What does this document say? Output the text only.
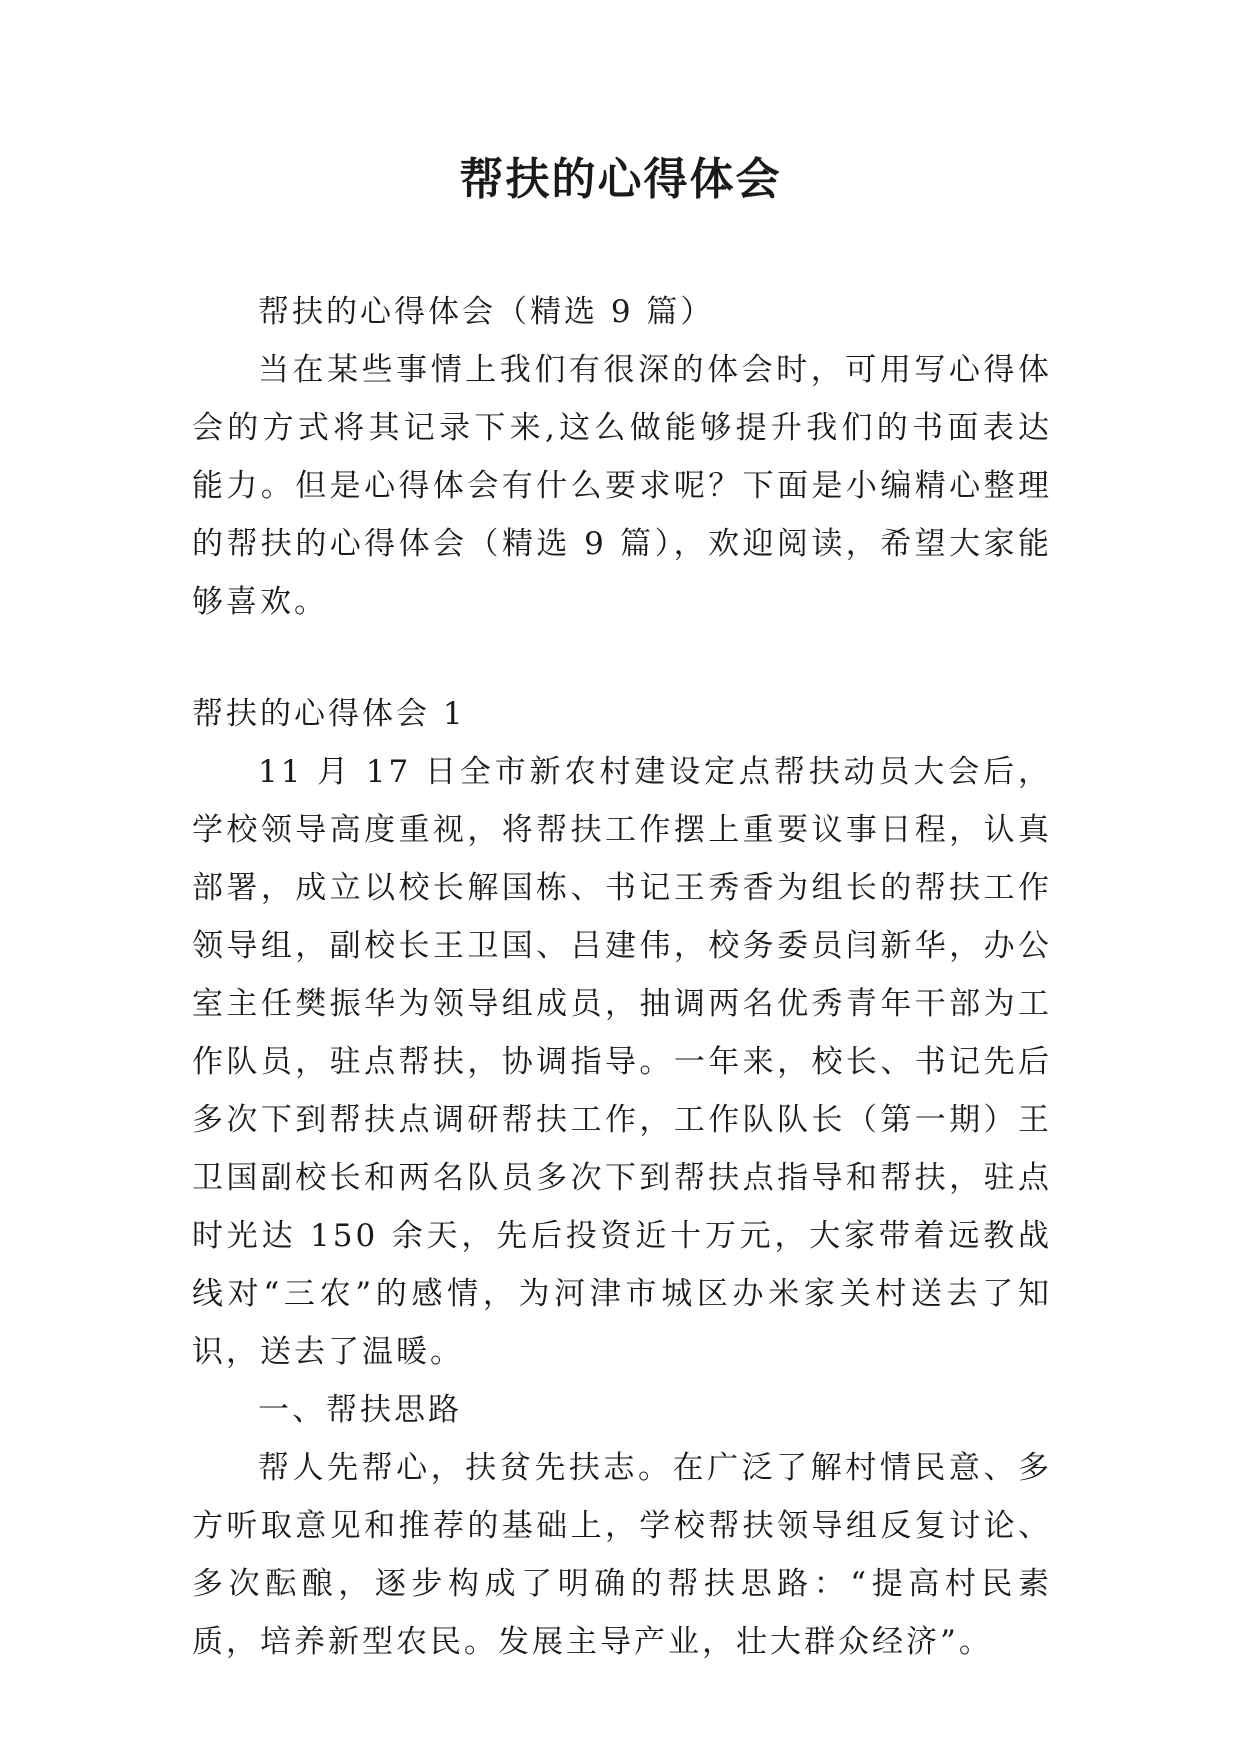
帮扶的心得体会

帮扶的心得体会（精选 9 篇）

当在某些事情上我们有很深的体会时，可用写心得体会的方式将其记录下来,这么做能够提升我们的书面表达能力。但是心得体会有什么要求呢？下面是小编精心整理的帮扶的心得体会（精选 9 篇），欢迎阅读，希望大家能够喜欢。

帮扶的心得体会 1

11 月 17 日全市新农村建设定点帮扶动员大会后，学校领导高度重视，将帮扶工作摆上重要议事日程，认真部署，成立以校长解国栋、书记王秀香为组长的帮扶工作领导组，副校长王卫国、吕建伟，校务委员闫新华，办公室主任樊振华为领导组成员，抽调两名优秀青年干部为工作队员，驻点帮扶，协调指导。一年来，校长、书记先后多次下到帮扶点调研帮扶工作，工作队队长（第一期）王卫国副校长和两名队员多次下到帮扶点指导和帮扶，驻点时光达 150 余天，先后投资近十万元，大家带着远教战线对“三农”的感情，为河津市城区办米家关村送去了知识，送去了温暖。

一、帮扶思路

帮人先帮心，扶贫先扶志。在广泛了解村情民意、多方听取意见和推荐的基础上，学校帮扶领导组反复讨论、多次酝酿，逐步构成了明确的帮扶思路：“提高村民素质，培养新型农民。发展主导产业，壮大群众经济”。
